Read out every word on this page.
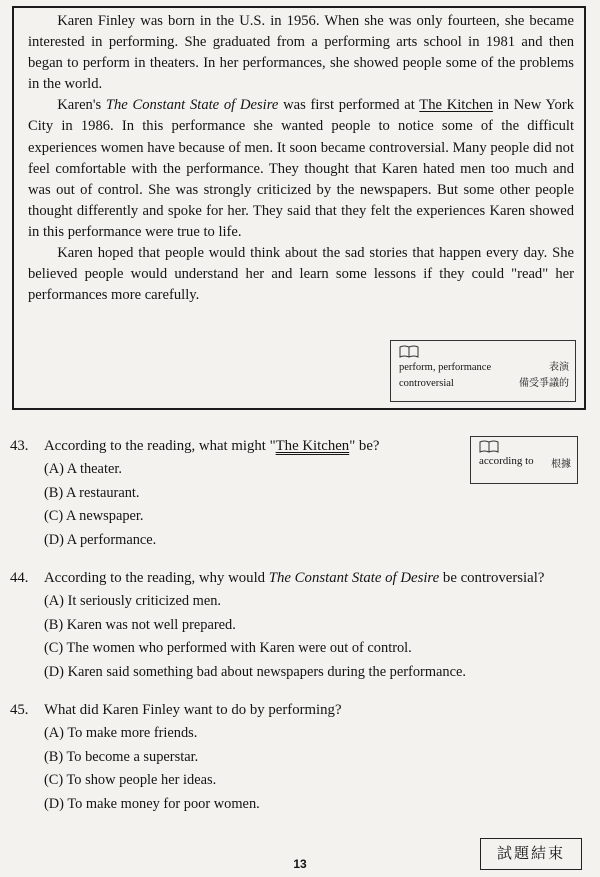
Karen Finley was born in the U.S. in 1956. When she was only fourteen, she became interested in performing. She graduated from a performing arts school in 1981 and then began to perform in theaters. In her performances, she showed people some of the problems in the world.

Karen's The Constant State of Desire was first performed at The Kitchen in New York City in 1986. In this performance she wanted people to notice some of the difficult experiences women have because of men. It soon became controversial. Many people did not feel comfortable with the performance. They thought that Karen hated men too much and was out of control. She was strongly criticized by the newspapers. But some other people thought differently and spoke for her. They said that they felt the experiences Karen showed in this performance were true to life.

Karen hoped that people would think about the sad stories that happen every day. She believed people would understand her and learn some lessons if they could "read" her performances more carefully.

perform, performance	表演
controversial	備受爭議的
43.	According to the reading, what might "The Kitchen" be?
(A) A theater.
(B) A restaurant.
(C) A newspaper.
(D) A performance.
according to 根據
44.	According to the reading, why would The Constant State of Desire be controversial?
(A) It seriously criticized men.
(B) Karen was not well prepared.
(C) The women who performed with Karen were out of control.
(D) Karen said something bad about newspapers during the performance.
45.	What did Karen Finley want to do by performing?
(A) To make more friends.
(B) To become a superstar.
(C) To show people her ideas.
(D) To make money for poor women.
試題結束
13
